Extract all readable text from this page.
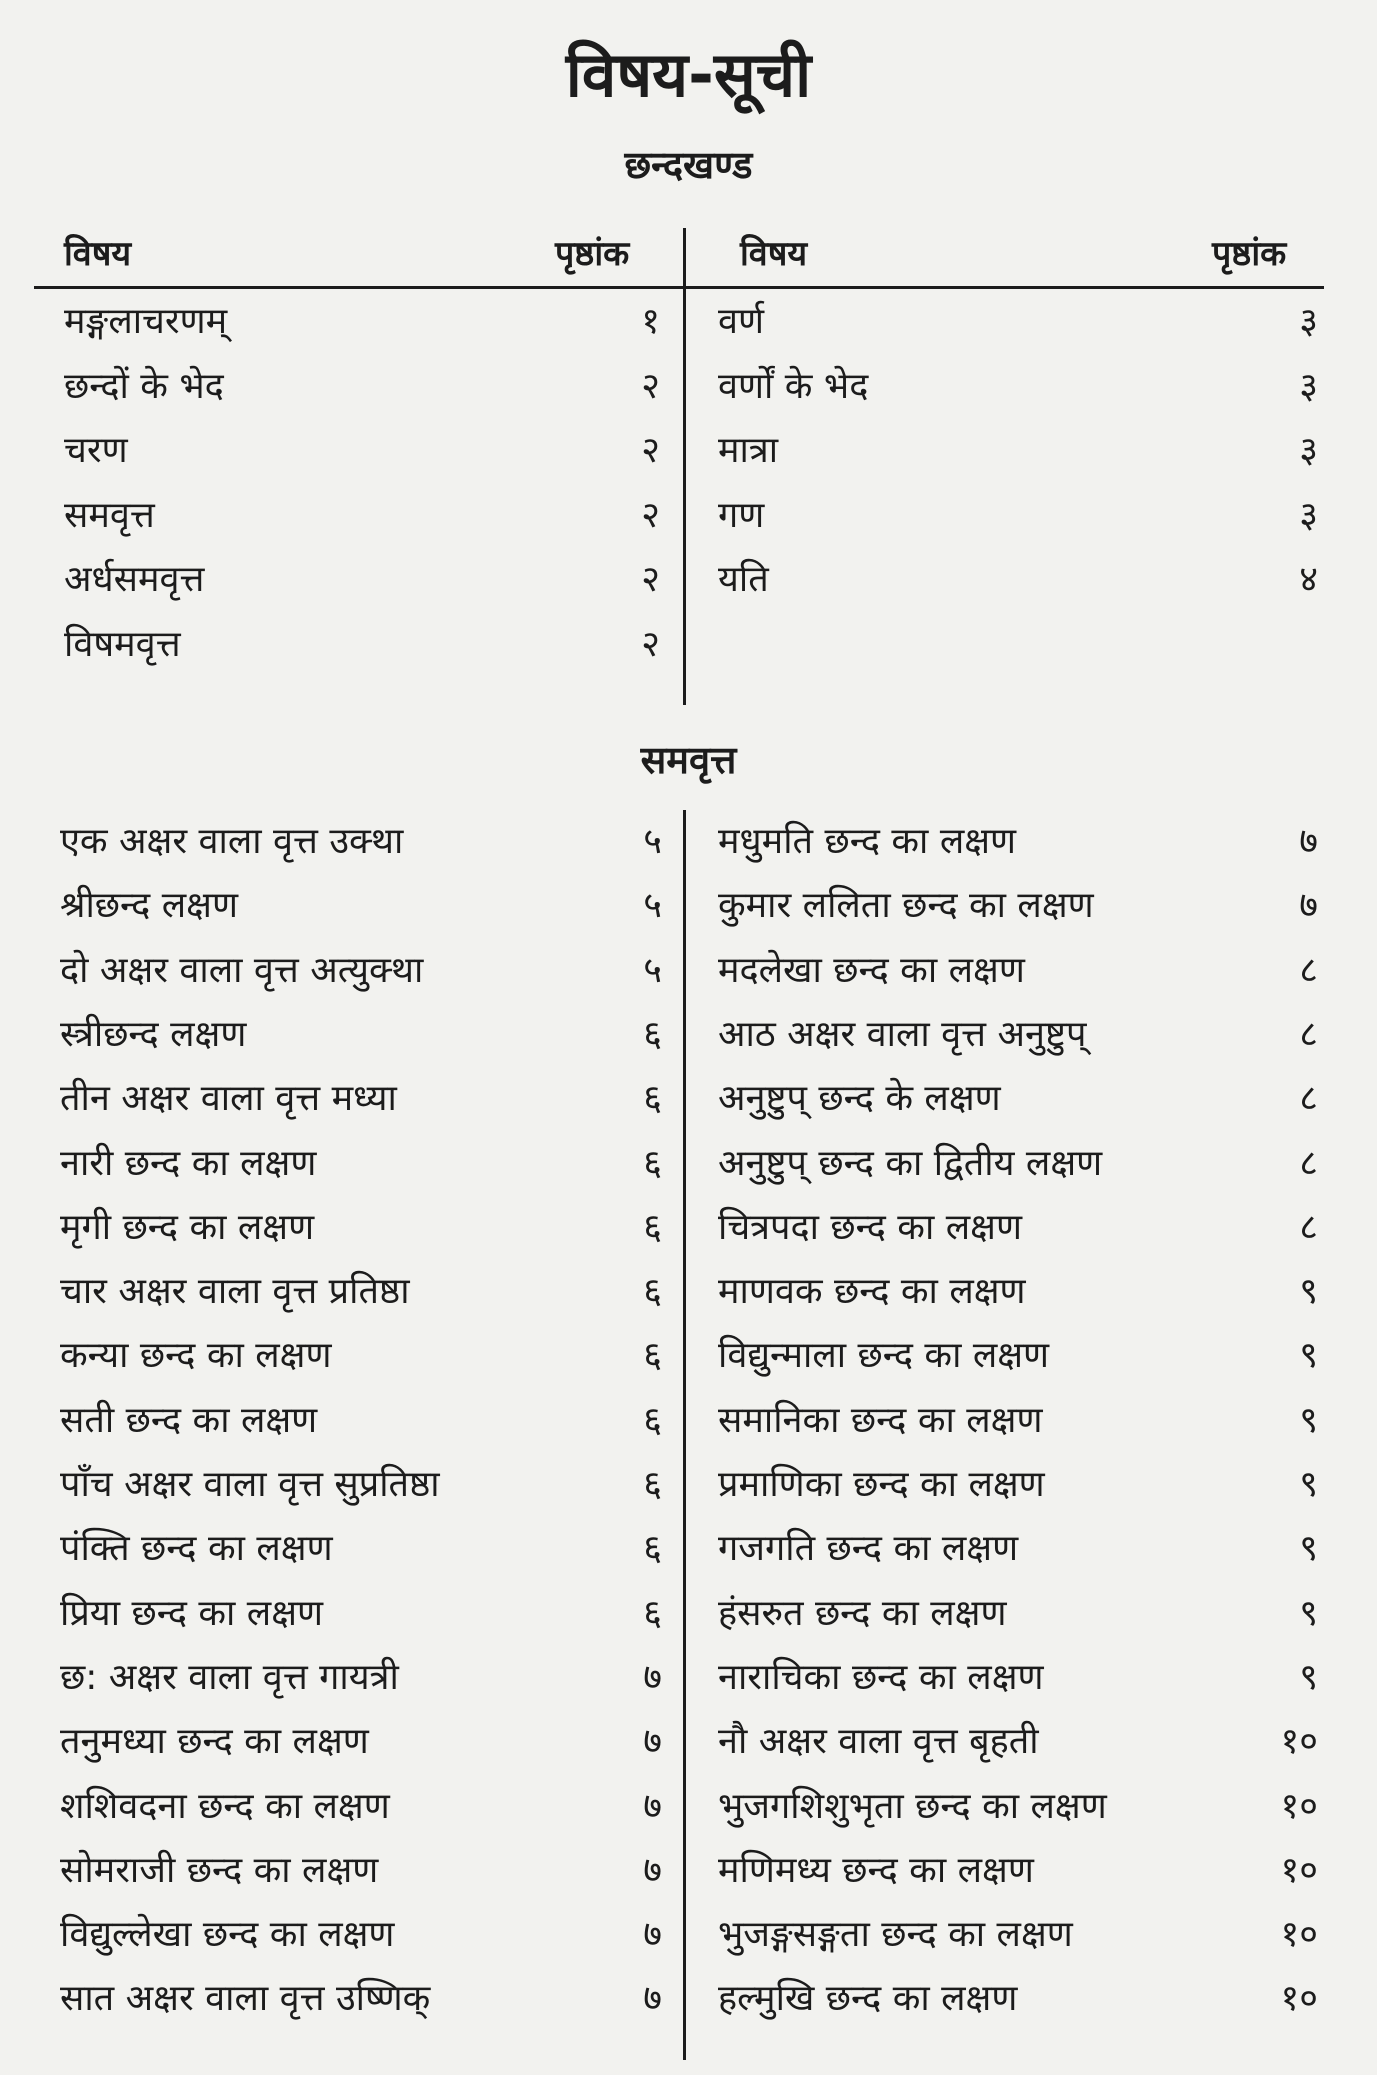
विषय-सूची
छन्दखण्ड
विषय	पृष्ठांक	विषय	पृष्ठांक
मङ्गलाचरणम्	१
छन्दों के भेद	२
चरण	२
समवृत्त	२
अर्धसमवृत्त	२
विषमवृत्त	२
वर्ण	३
वर्णों के भेद	३
मात्रा	३
गण	३
यति	४
समवृत्त
एक अक्षर वाला वृत्त उक्था	५
श्रीछन्द लक्षण	५
दो अक्षर वाला वृत्त अत्युक्था	५
स्त्रीछन्द लक्षण	६
तीन अक्षर वाला वृत्त मध्या	६
नारी छन्द का लक्षण	६
मृगी छन्द का लक्षण	६
चार अक्षर वाला वृत्त प्रतिष्ठा	६
कन्या छन्द का लक्षण	६
सती छन्द का लक्षण	६
पाँच अक्षर वाला वृत्त सुप्रतिष्ठा	६
पंक्ति छन्द का लक्षण	६
प्रिया छन्द का लक्षण	६
छ: अक्षर वाला वृत्त गायत्री	७
तनुमध्या छन्द का लक्षण	७
शशिवदना छन्द का लक्षण	७
सोमराजी छन्द का लक्षण	७
विद्युल्लेखा छन्द का लक्षण	७
सात अक्षर वाला वृत्त उष्णिक्	७
मधुमति छन्द का लक्षण	७
कुमार ललिता छन्द का लक्षण	७
मदलेखा छन्द का लक्षण	८
आठ अक्षर वाला वृत्त अनुष्टुप्	८
अनुष्टुप् छन्द के लक्षण	८
अनुष्टुप् छन्द का द्वितीय लक्षण	८
चित्रपदा छन्द का लक्षण	८
माणवक छन्द का लक्षण	९
विद्युन्माला छन्द का लक्षण	९
समानिका छन्द का लक्षण	९
प्रमाणिका छन्द का लक्षण	९
गजगति छन्द का लक्षण	९
हंसरुत छन्द का लक्षण	९
नाराचिका छन्द का लक्षण	९
नौ अक्षर वाला वृत्त बृहती	१०
भुजगशिशुभृता छन्द का लक्षण	१०
मणिमध्य छन्द का लक्षण	१०
भुजङ्गसङ्गता छन्द का लक्षण	१०
हल्मुखि छन्द का लक्षण	१०
